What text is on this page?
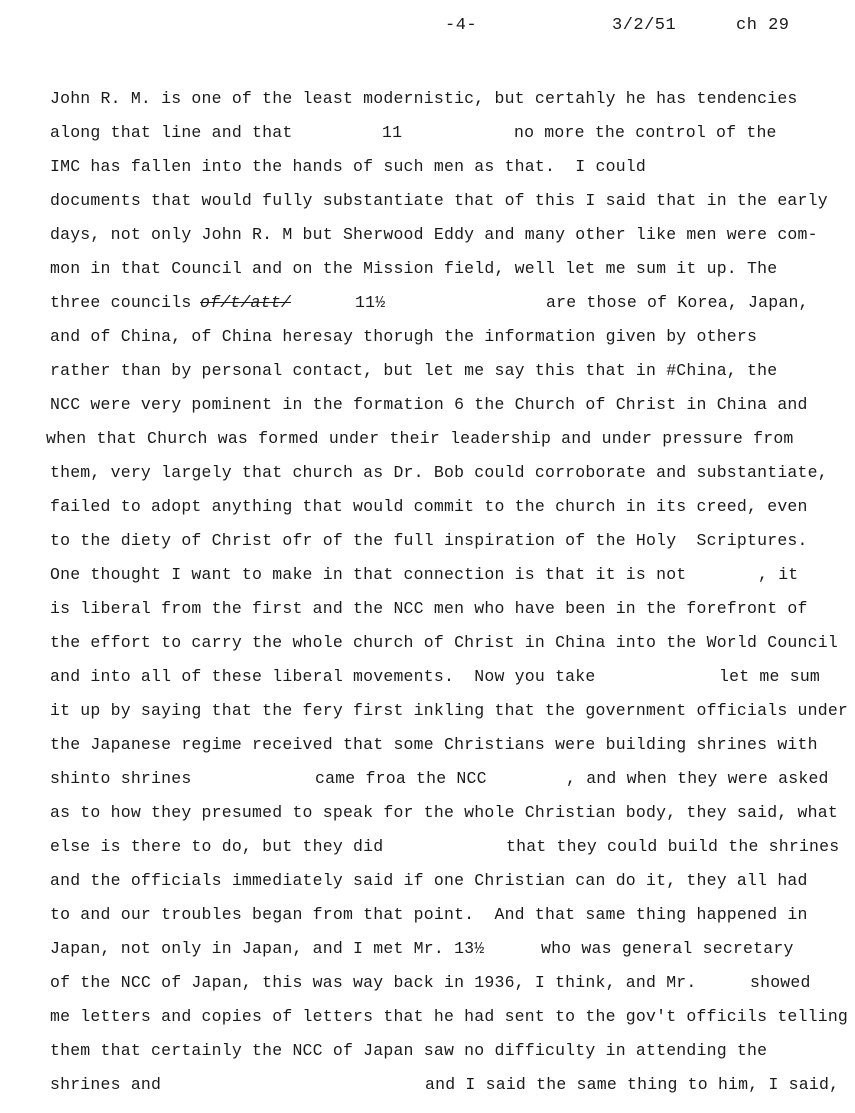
-4-	3/2/51	ch 29
John R. M. is one of the least modernistic, but certahly he has tendencies
along that line and that	11	no more the control of the
IMC has fallen into the hands of such men as that.  I could
documents that would fully substantiate that of this I said that in the early
days, not only John R. M but Sherwood Eddy and many other like men were com-
mon in that Council and on the Mission field, well let me sum it up. The
three councils of/t/att/	11½	are those of Korea, Japan,
and of China, of China heresay thorugh the information given by others
rather than by personal contact, but let me say this that in #China, the
NCC were very pominent in the formation 6 the Church of Christ in China and
when that Church was formed under their leadership and under pressure from
them, very largely that church as Dr. Bob could corroborate and substantiate,
failed to adopt anything that would commit to the church in its creed, even
to the diety of Christ ofr of the full inspiration of the Holy  Scriptures.
One thought I want to make in that connection is that it is not	, it
is liberal from the first and the NCC men who have been in the forefront of
the effort to carry the whole church of Christ in China into the World Council
and into all of these liberal movements.  Now you take	let me sum
it up by saying that the fery first inkling that the government officials under
the Japanese regime received that some Christians were building shrines with
shinto shrines	came froa the NCC	, and when they were asked
as to how they presumed to speak for the whole Christian body, they said, what
else is there to do, but they did	that they could build the shrines
and the officials immediately said if one Christian can do it, they all had
to and our troubles began from that point.  And that same thing happened in
Japan, not only in Japan, and I met Mr. 13½	who was general secretary
of the NCC of Japan, this was way back in 1936, I think, and Mr.	showed
me letters and copies of letters that he had sent to the gov't officils telling
them that certainly the NCC of Japan saw no difficulty in attending the
shrines and	and I said the same thing to him, I said,
